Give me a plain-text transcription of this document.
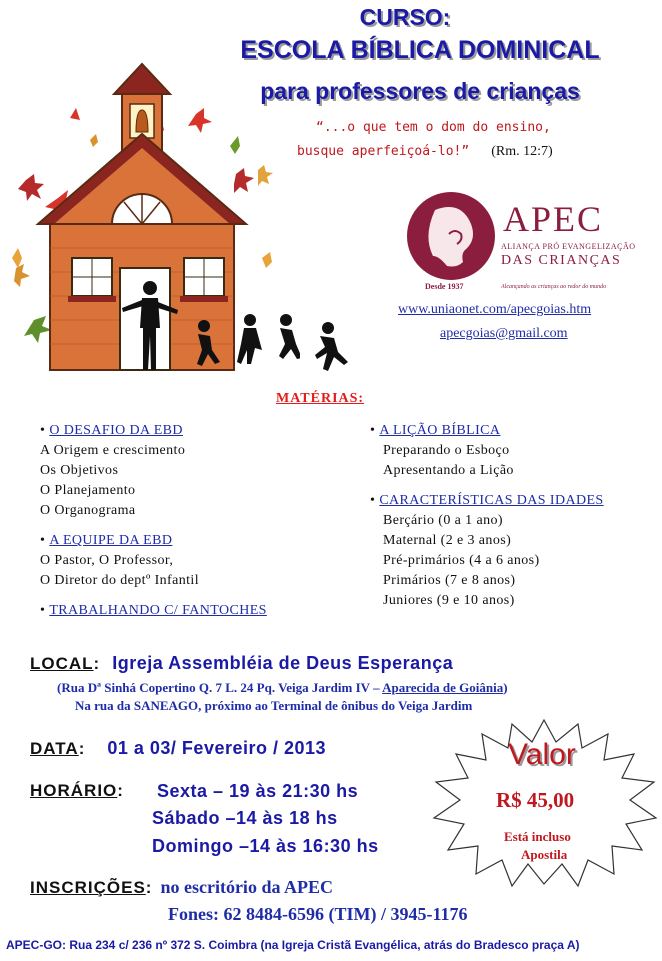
CURSO:
ESCOLA BÍBLICA DOMINICAL
para professores de crianças
“...o que tem o dom do ensino,
busque aperfeiçoá-lo!” (Rm. 12:7)
APEC
ALIANÇA PRÓ EVANGELIZAÇÃO
DAS CRIANÇAS
Desde 1937	Alcançando as crianças ao redor do mundo
www.uniaonet.com/apecgoias.htm
apecgoias@gmail.com
MATÉRIAS:
• O DESAFIO DA EBD
A Origem e crescimento
Os Objetivos
O Planejamento
O Organograma
• A EQUIPE DA EBD
O Pastor, O Professor,
O Diretor do deptº Infantil
• TRABALHANDO C/ FANTOCHES
• A LIÇÃO BÍBLICA
Preparando o Esboço
Apresentando a Lição
• CARACTERÍSTICAS DAS IDADES
Berçário (0 a 1 ano)
Maternal (2 e 3 anos)
Pré-primários (4 a 6 anos)
Primários (7 e 8 anos)
Juniores (9 e 10 anos)
LOCAL: Igreja Assembléia de Deus Esperança
(Rua Dª Sinhá Copertino Q. 7 L. 24 Pq. Veiga Jardim IV – Aparecida de Goiânia)
Na rua da SANEAGO, próximo ao Terminal de ônibus do Veiga Jardim
DATA: 01 a 03/ Fevereiro / 2013
HORÁRIO: Sexta – 19 às 21:30 hs
Sábado –14 às 18 hs
Domingo –14 às 16:30 hs
Valor
R$ 45,00
Está incluso
Apostila
INSCRIÇÕES: no escritório da APEC
Fones: 62 8484-6596 (TIM) / 3945-1176
APEC-GO: Rua 234 c/ 236 nº 372 S. Coimbra (na Igreja Cristã Evangélica, atrás do Bradesco praça A)
